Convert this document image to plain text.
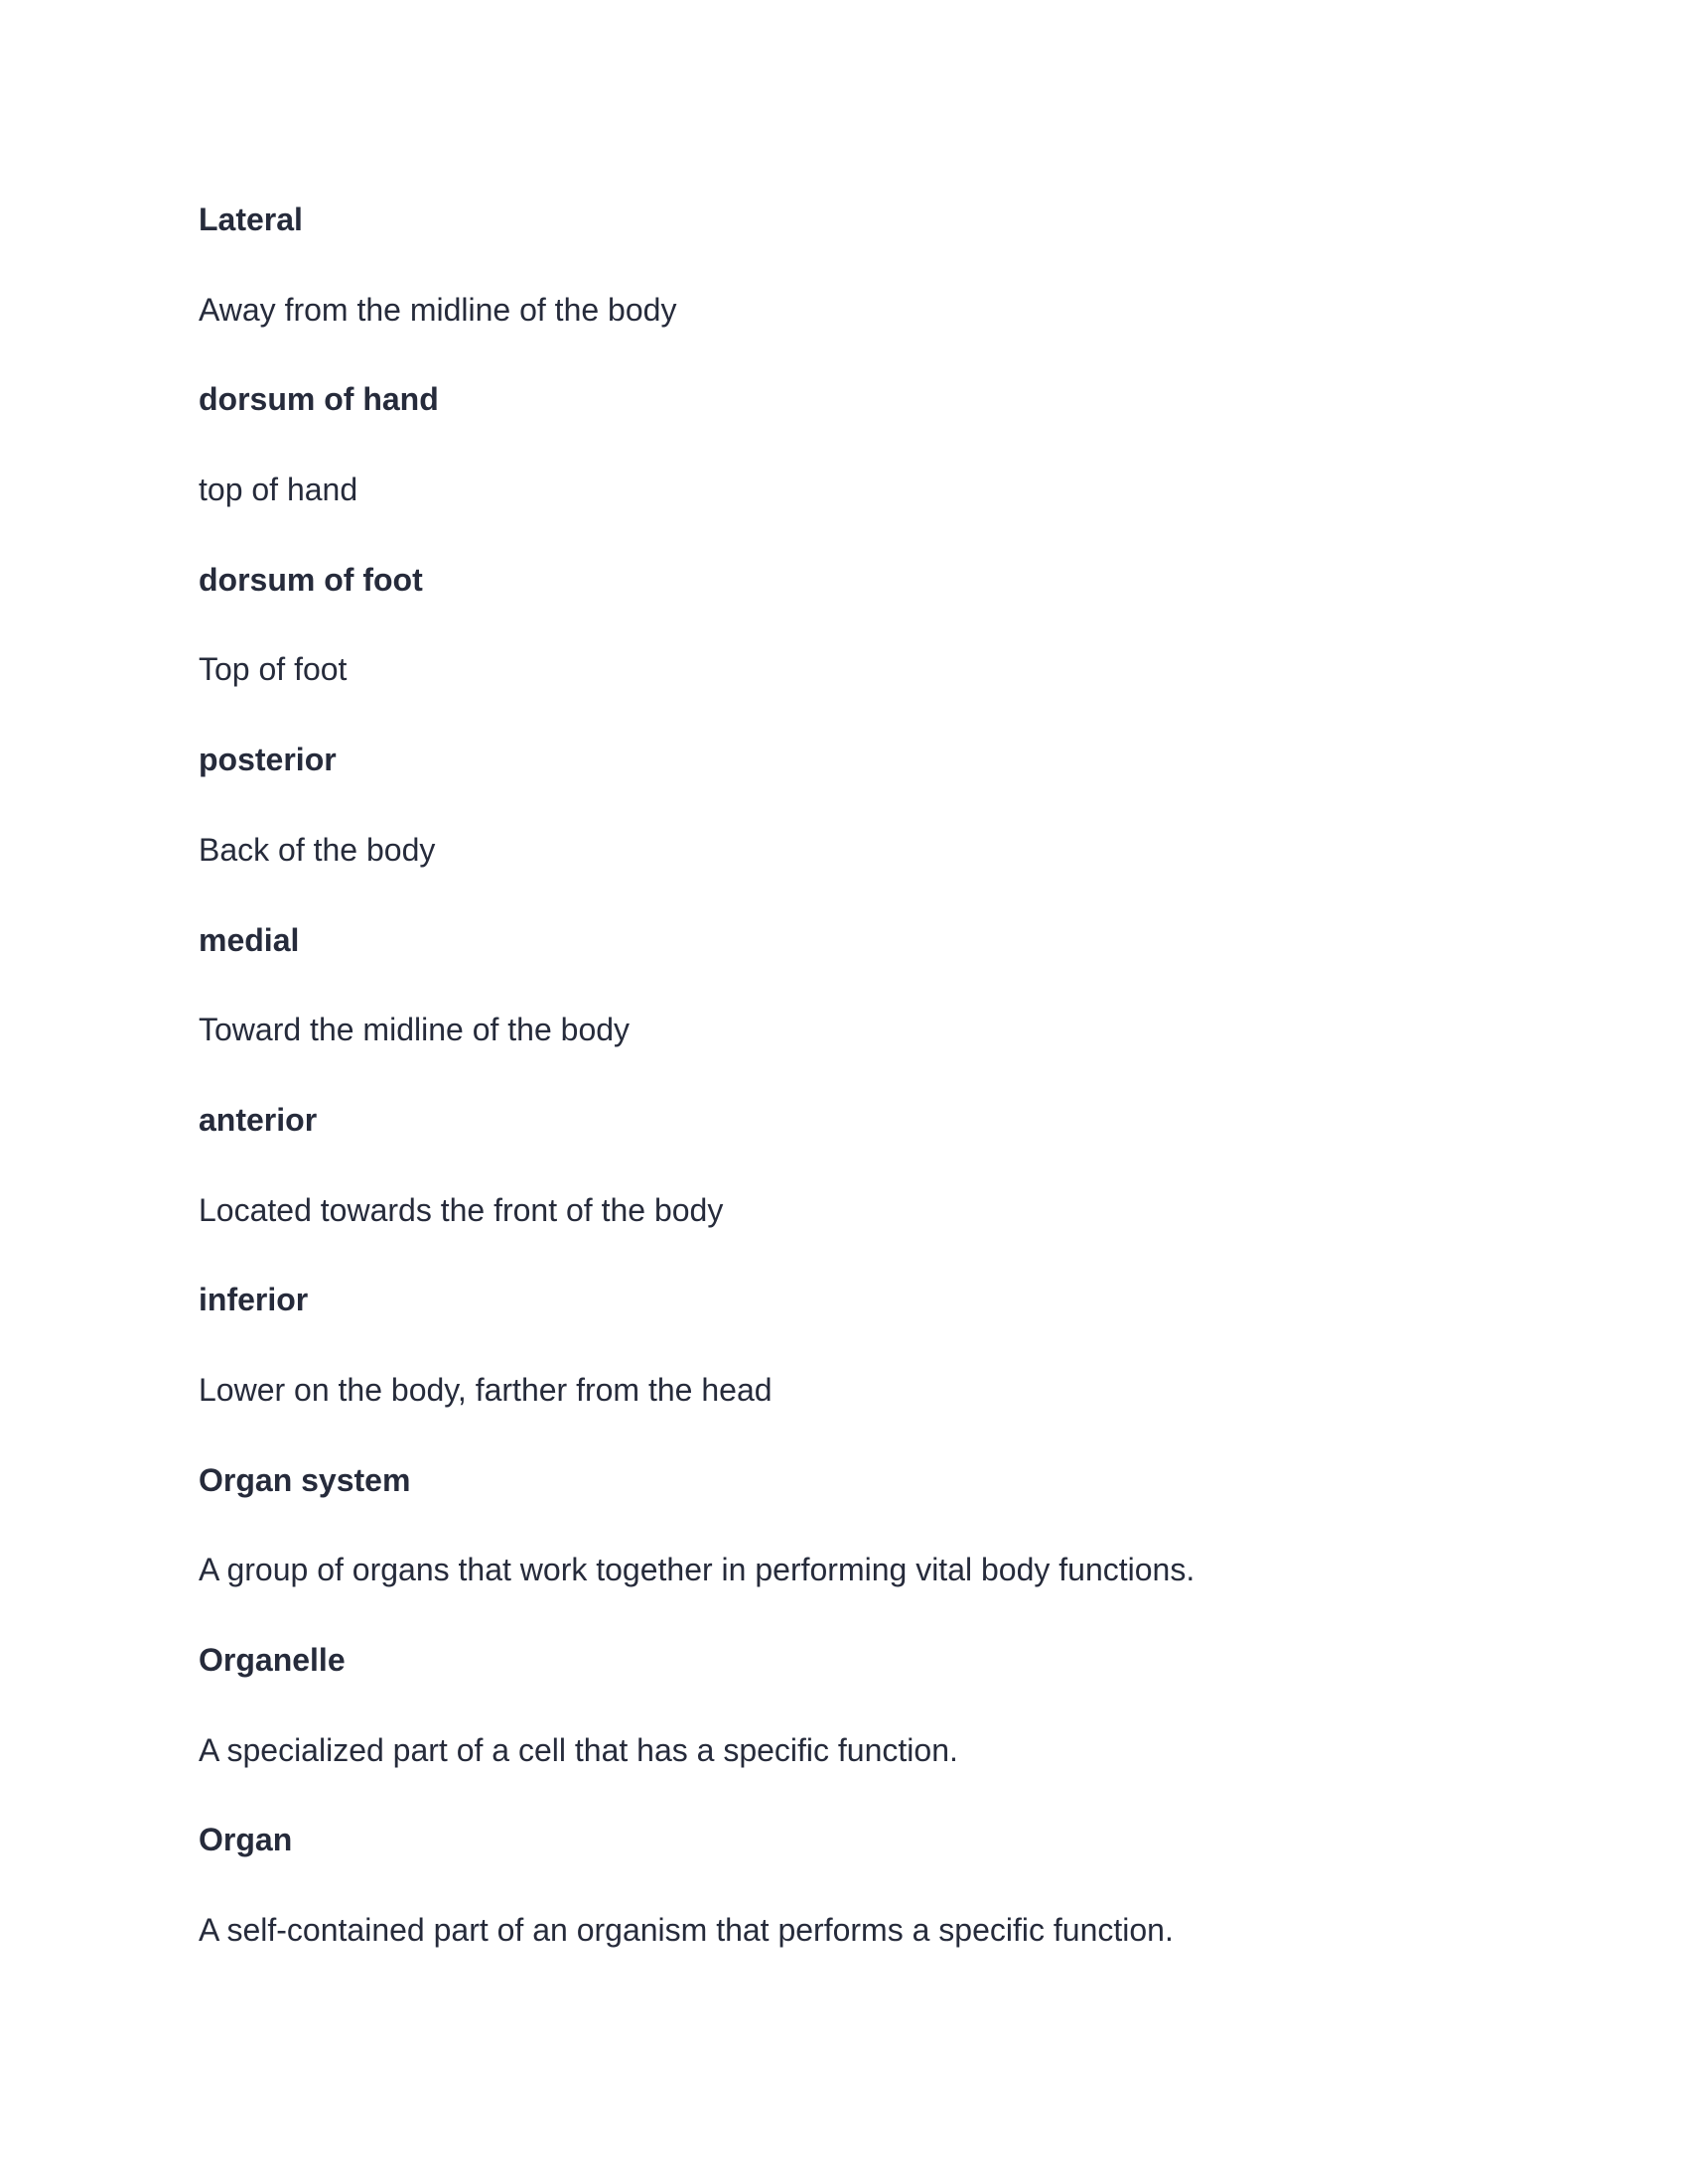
Lateral
Away from the midline of the body
dorsum of hand
top of hand
dorsum of foot
Top of foot
posterior
Back of the body
medial
Toward the midline of the body
anterior
Located towards the front of the body
inferior
Lower on the body, farther from the head
Organ system
A group of organs that work together in performing vital body functions.
Organelle
A specialized part of a cell that has a specific function.
Organ
A self-contained part of an organism that performs a specific function.
